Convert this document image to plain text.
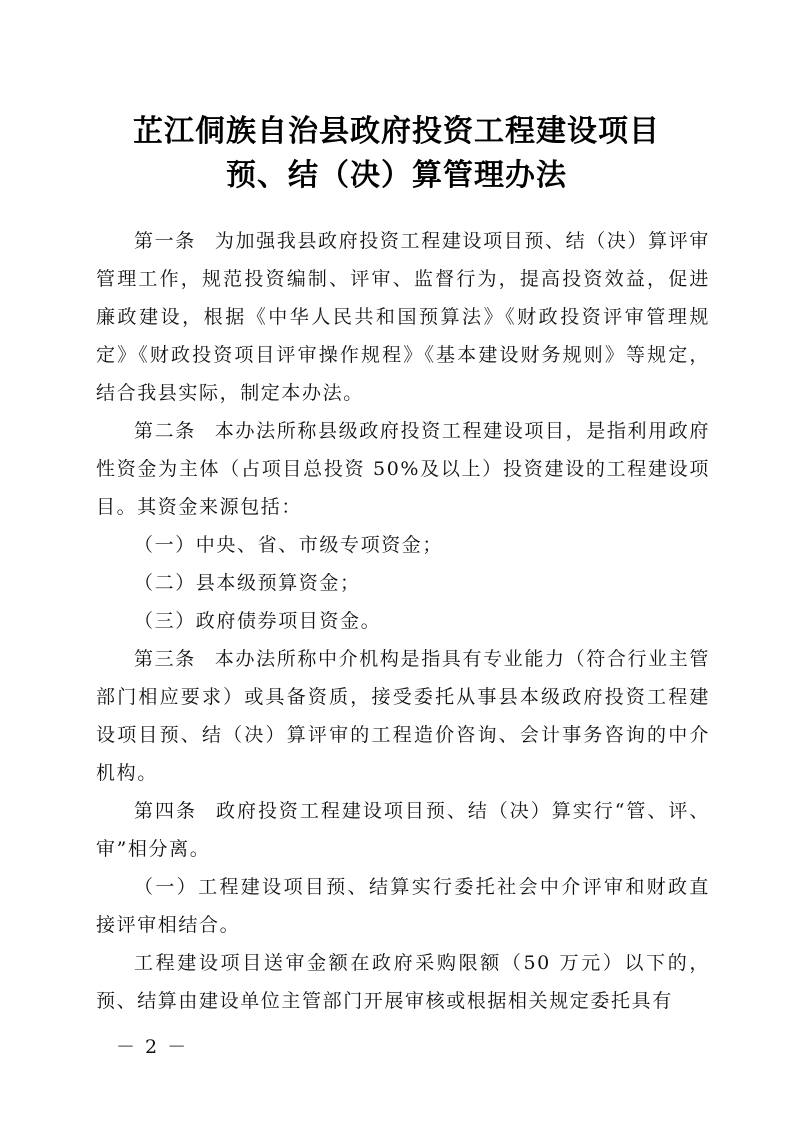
芷江侗族自治县政府投资工程建设项目
预、结（决）算管理办法

第一条 为加强我县政府投资工程建设项目预、结（决）算评审管理工作，规范投资编制、评审、监督行为，提高投资效益，促进廉政建设，根据《中华人民共和国预算法》《财政投资评审管理规定》《财政投资项目评审操作规程》《基本建设财务规则》等规定，结合我县实际，制定本办法。

第二条 本办法所称县级政府投资工程建设项目，是指利用政府性资金为主体（占项目总投资 50%及以上）投资建设的工程建设项目。其资金来源包括：

（一）中央、省、市级专项资金；

（二）县本级预算资金；

（三）政府债券项目资金。

第三条 本办法所称中介机构是指具有专业能力（符合行业主管部门相应要求）或具备资质，接受委托从事县本级政府投资工程建设项目预、结（决）算评审的工程造价咨询、会计事务咨询的中介机构。

第四条 政府投资工程建设项目预、结（决）算实行“管、评、审”相分离。

（一）工程建设项目预、结算实行委托社会中介评审和财政直接评审相结合。

工程建设项目送审金额在政府采购限额（50 万元）以下的，预、结算由建设单位主管部门开展审核或根据相关规定委托具有

－ 2 －
